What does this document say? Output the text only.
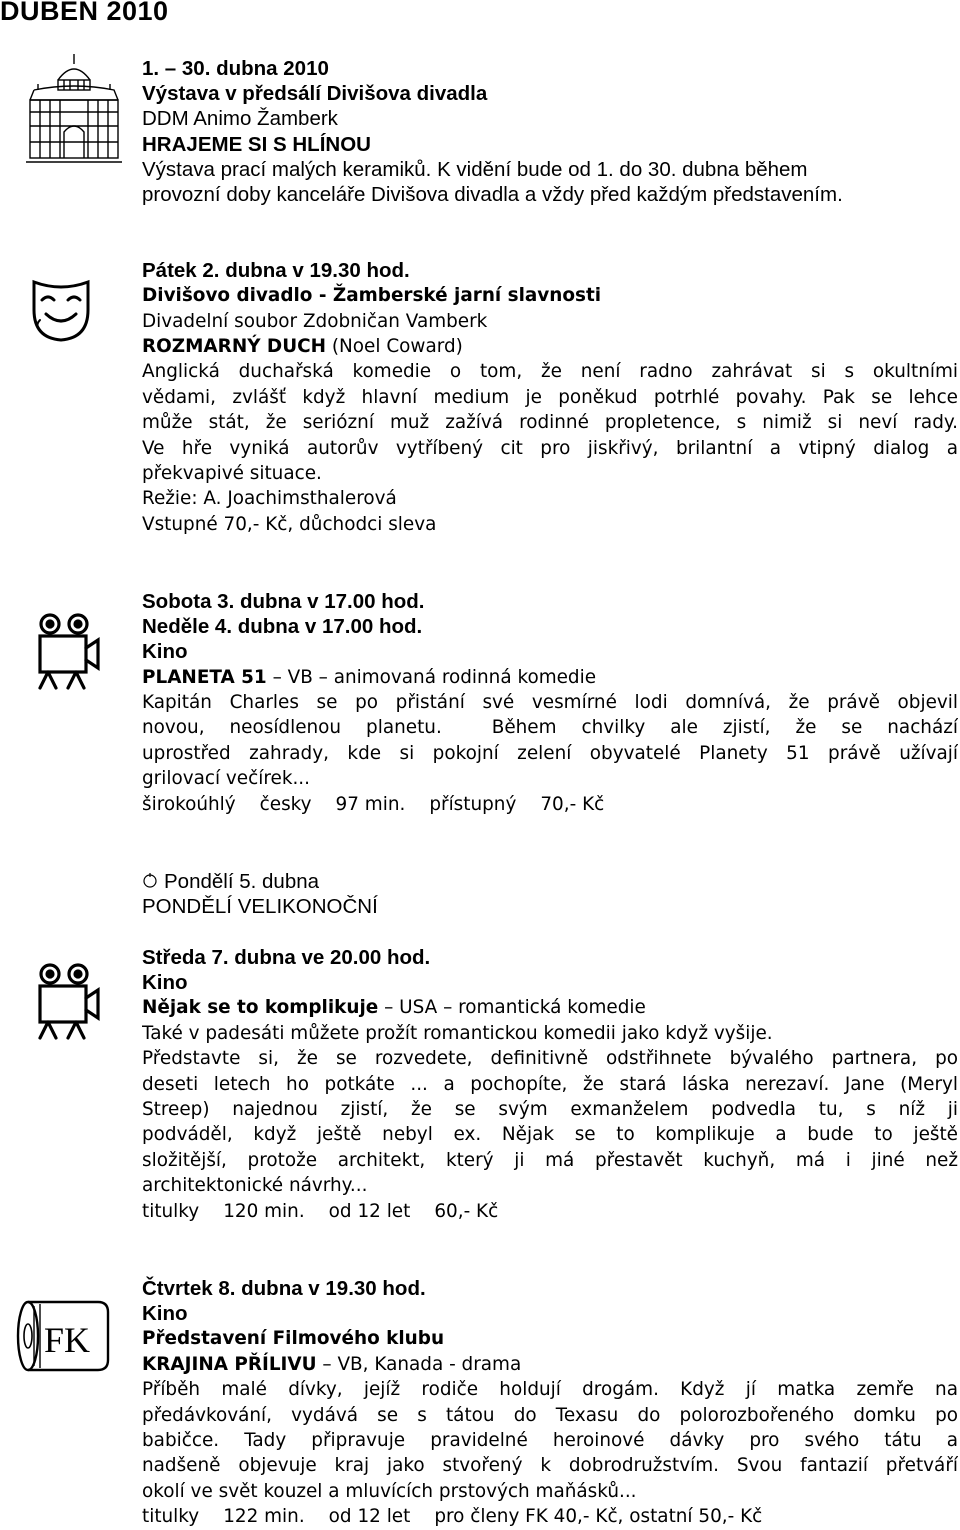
DUBEN 2010
1. – 30. dubna 2010
Výstava v předsálí Divišova divadla
DDM Animo Žamberk
HRAJEME SI S HLÍNOU
Výstava prací malých keramiků. K vidění bude od 1. do 30. dubna během
provozní doby kanceláře Divišova divadla a vždy před každým představením.
Pátek 2. dubna v 19.30 hod.
Divišovo divadlo - Žamberské jarní slavnosti
Divadelní soubor Zdobničan Vamberk
ROZMARNÝ DUCH (Noel Coward)
Anglická duchařská komedie o tom, že není radno zahrávat si s okultními
vědami, zvlášť když hlavní medium je poněkud potrhlé povahy. Pak se lehce
může stát, že seriózní muž zažívá rodinné propletence, s nimiž si neví rady.
Ve hře vyniká autorův vytříbený cit pro jiskřivý, brilantní a vtipný dialog a
překvapivé situace.
Režie: A. Joachimsthalerová
Vstupné 70,- Kč, důchodci sleva
Sobota 3. dubna v 17.00 hod.
Neděle 4. dubna v 17.00 hod.
Kino
PLANETA 51 – VB – animovaná rodinná komedie
Kapitán Charles se po přistání své vesmírné lodi domnívá, že právě objevil
novou, neosídlenou planetu.  Během chvilky ale zjistí, že se nachází
uprostřed zahrady, kde si pokojní zelení obyvatelé Planety 51 právě užívají
grilovací večírek...
širokoúhlý česky 97 min. přístupný 70,- Kč
Pondělí 5. dubna
PONDĚLÍ VELIKONOČNÍ
Středa 7. dubna ve 20.00 hod.
Kino
Nějak se to komplikuje – USA – romantická komedie
Také v padesáti můžete prožít romantickou komedii jako když vyšije.
Představte si, že se rozvedete, definitivně odstřihnete bývalého partnera, po
deseti letech ho potkáte ... a pochopíte, že stará láska nerezaví. Jane (Meryl
Streep) najednou zjistí, že se svým exmanželem podvedla tu, s níž ji
podváděl, když ještě nebyl ex. Nějak se to komplikuje a bude to ještě
složitější, protože architekt, který ji má přestavět kuchyň, má i jiné než
architektonické návrhy...
titulky 120 min. od 12 let 60,- Kč
FK
Čtvrtek 8. dubna v 19.30 hod.
Kino
Představení Filmového klubu
KRAJINA PŘÍLIVU – VB, Kanada - drama
Příběh malé dívky, jejíž rodiče holdují drogám. Když jí matka zemře na
předávkování, vydává se s tátou do Texasu do polorozbořeného domku po
babičce. Tady připravuje pravidelné heroinové dávky pro svého tátu a
nadšeně objevuje kraj jako stvořený k dobrodružstvím. Svou fantazií přetváří
okolí ve svět kouzel a mluvících prstových maňásků...
titulky 122 min. od 12 let pro členy FK 40,- Kč, ostatní 50,- Kč
